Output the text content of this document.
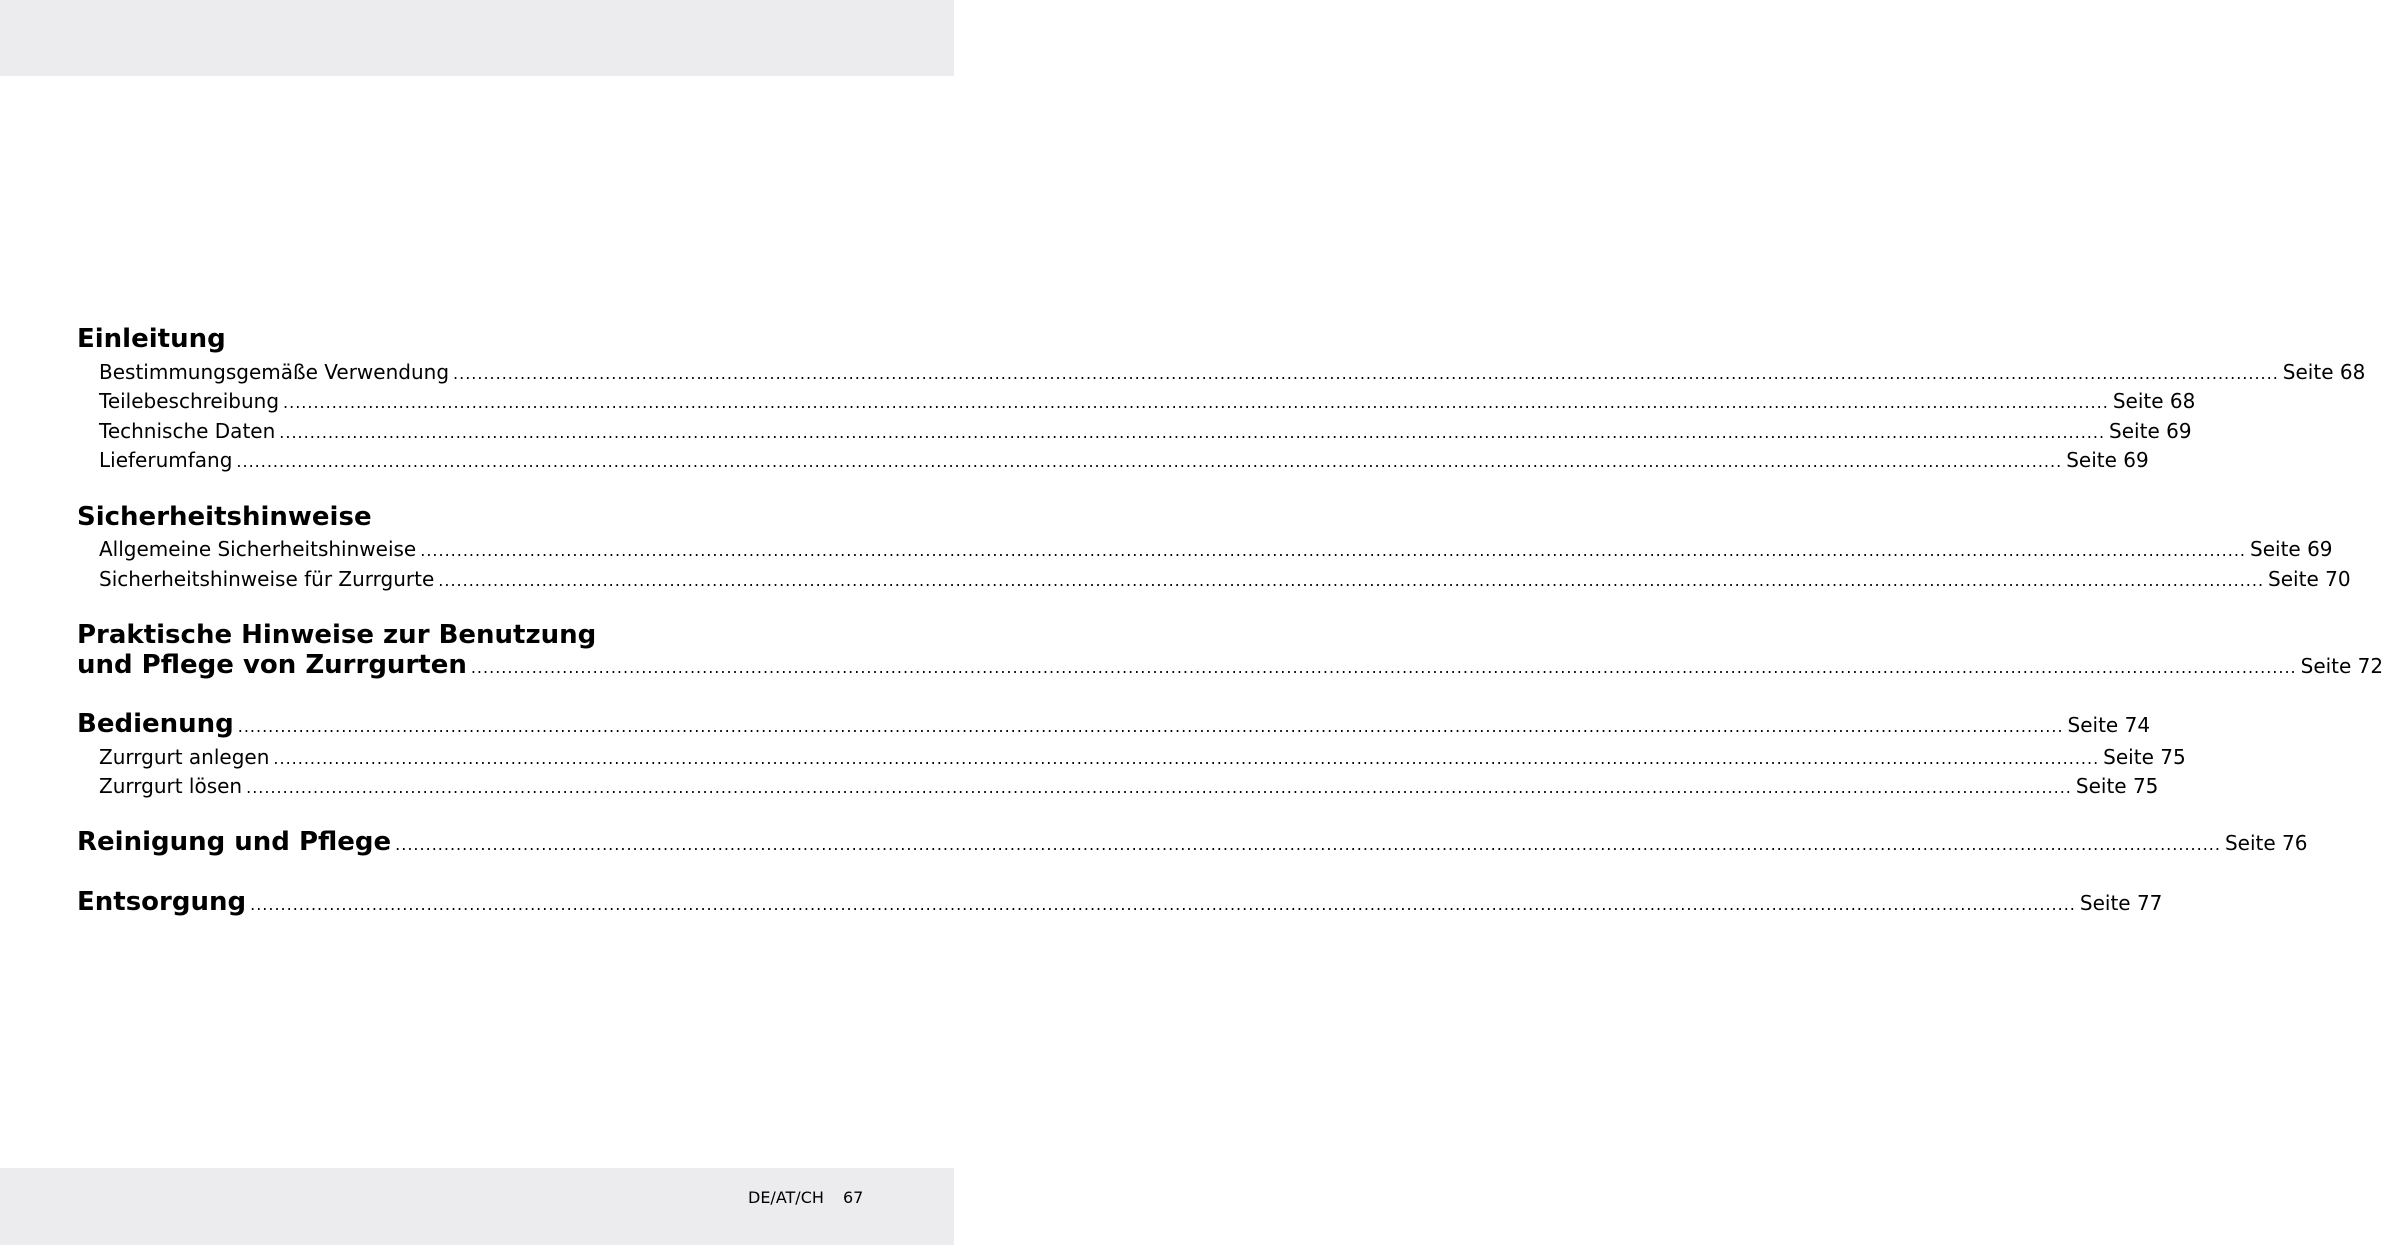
Einleitung
Bestimmungsgemäße Verwendung ............................................................................................................................................................................................................................................................................................................ Seite 68
Teilebeschreibung ............................................................................................................................................................................................................................................................................................................ Seite 68
Technische Daten ............................................................................................................................................................................................................................................................................................................ Seite 69
Lieferumfang ............................................................................................................................................................................................................................................................................................................ Seite 69
Sicherheitshinweise
Allgemeine Sicherheitshinweise ............................................................................................................................................................................................................................................................................................................ Seite 69
Sicherheitshinweise für Zurrgurte ............................................................................................................................................................................................................................................................................................................ Seite 70
Praktische Hinweise zur Benutzung
und Pflege von Zurrgurten ............................................................................................................................................................................................................................................................................................................ Seite 72
Bedienung ............................................................................................................................................................................................................................................................................................................ Seite 74
Zurrgurt anlegen ............................................................................................................................................................................................................................................................................................................ Seite 75
Zurrgurt lösen ............................................................................................................................................................................................................................................................................................................ Seite 75
Reinigung und Pflege ............................................................................................................................................................................................................................................................................................................ Seite 76
Entsorgung ............................................................................................................................................................................................................................................................................................................ Seite 77
DE/AT/CH 67
